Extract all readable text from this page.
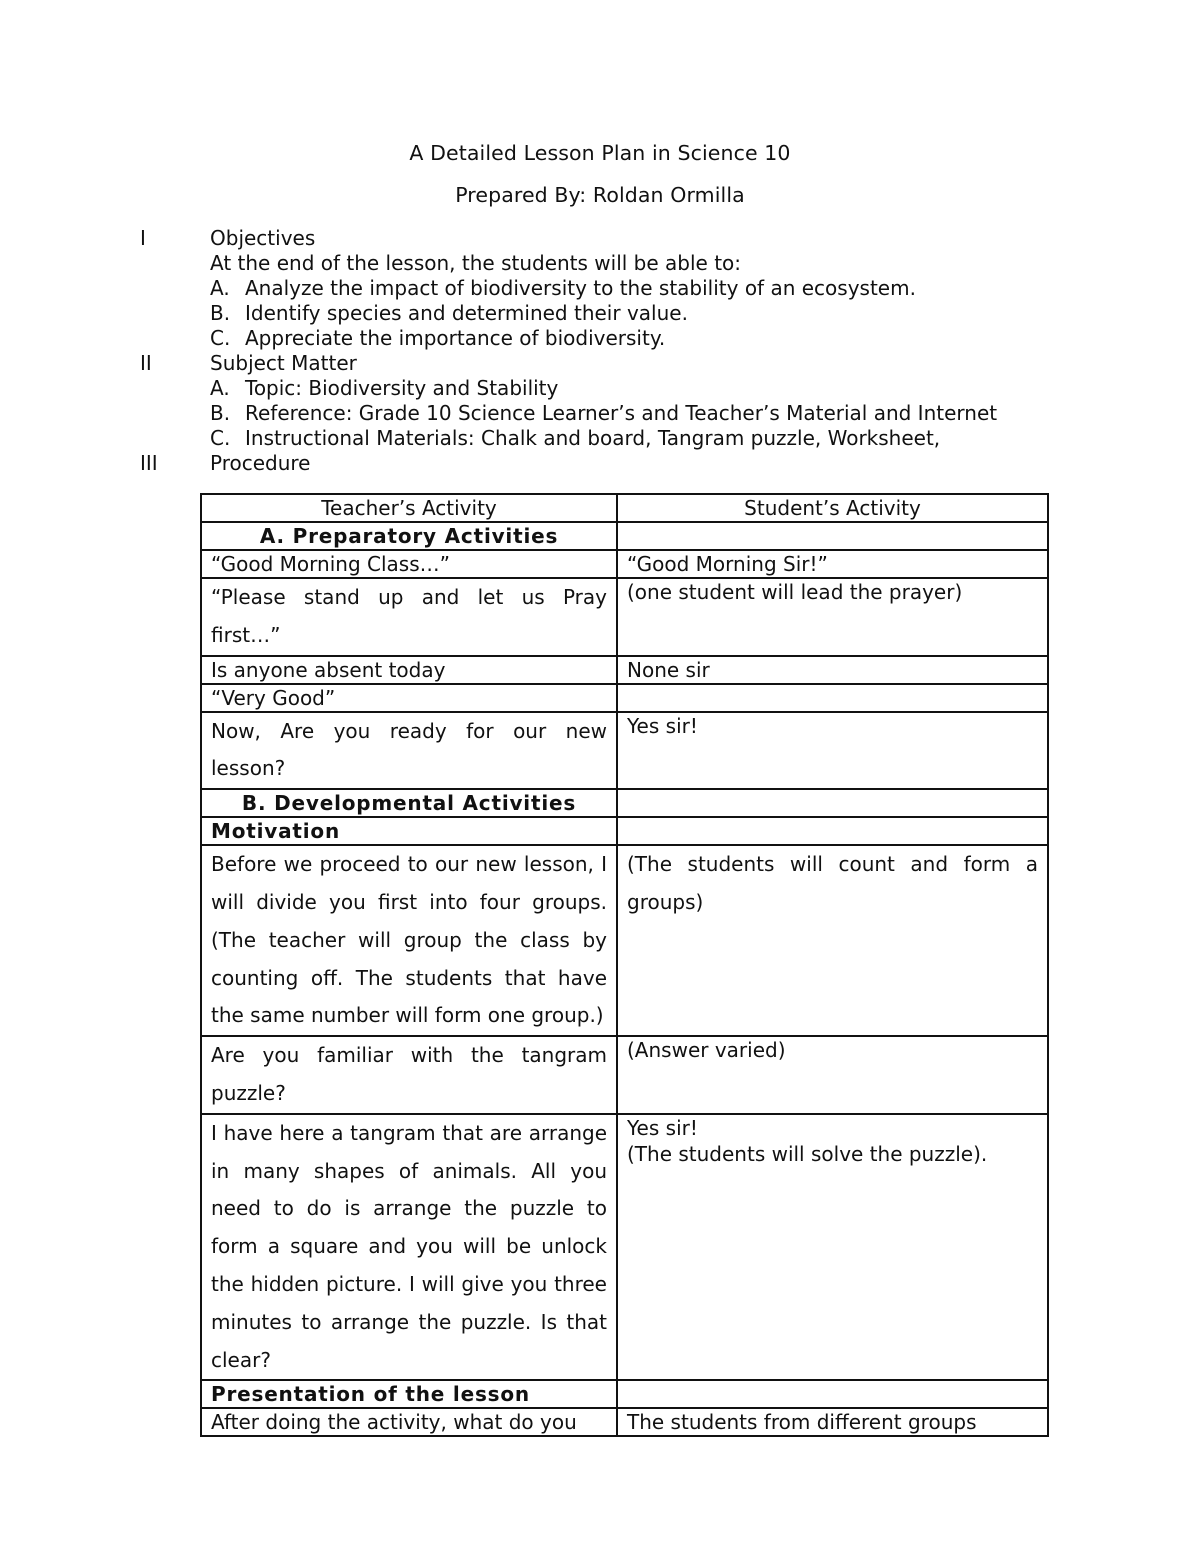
A Detailed Lesson Plan in Science 10
Prepared By: Roldan Ormilla
I	Objectives
At the end of the lesson, the students will be able to:
A. Analyze the impact of biodiversity to the stability of an ecosystem.
B. Identify species and determined their value.
C. Appreciate the importance of biodiversity.
II	Subject Matter
A. Topic: Biodiversity and Stability
B. Reference: Grade 10 Science Learner’s and Teacher’s Material and Internet
C. Instructional Materials: Chalk and board, Tangram puzzle, Worksheet,
III	Procedure
Teacher’s Activity	Student’s Activity
A. Preparatory Activities	
“Good Morning Class…”	“Good Morning Sir!”
“Please stand up and let us Pray first…”	(one student will lead the prayer)
Is anyone absent today	None sir
“Very Good”	
Now, Are you ready for our new lesson?	Yes sir!
B. Developmental Activities	
Motivation	
Before we proceed to our new lesson, I will divide you first into four groups. (The teacher will group the class by counting off. The students that have the same number will form one group.)	(The students will count and form a groups)
Are you familiar with the tangram puzzle?	(Answer varied)
I have here a tangram that are arrange in many shapes of animals. All you need to do is arrange the puzzle to form a square and you will be unlock the hidden picture. I will give you three minutes to arrange the puzzle. Is that clear?	Yes sir!
(The students will solve the puzzle).

Presentation of the lesson	
After doing the activity, what do you	The students from different groups
